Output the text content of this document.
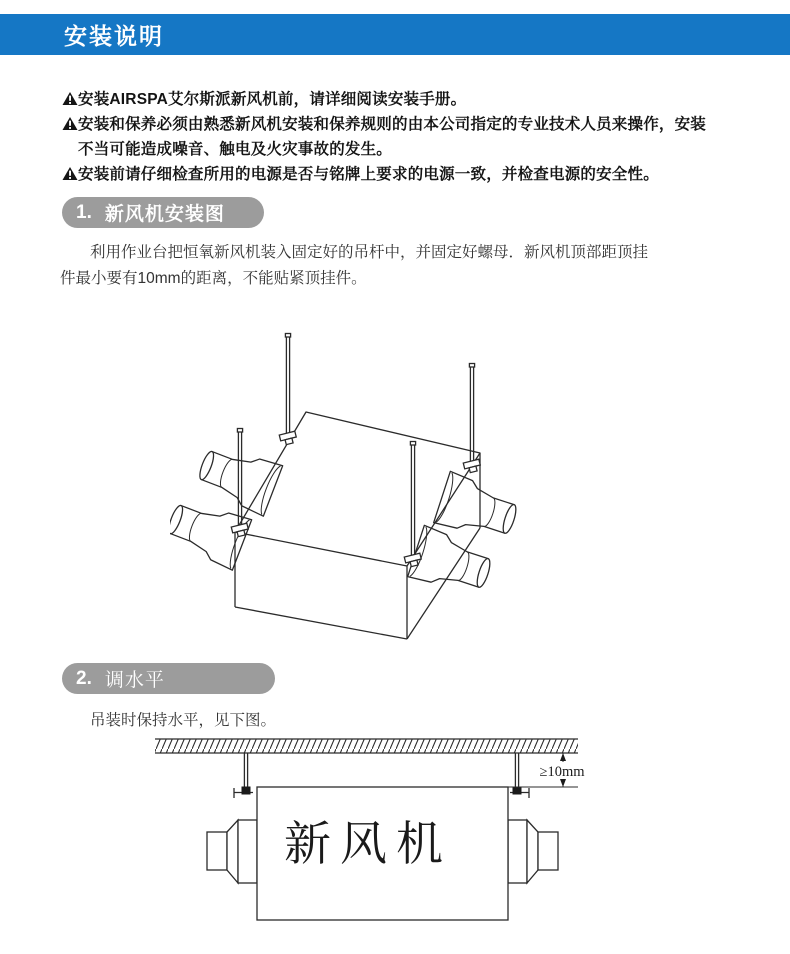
安装说明
安装AIRSPA艾尔斯派新风机前，请详细阅读安装手册。
安装和保养必须由熟悉新风机安装和保养规则的由本公司指定的专业技术人员来操作，安装
不当可能造成噪音、触电及火灾事故的发生。
安装前请仔细检查所用的电源是否与铭牌上要求的电源一致，并检查电源的安全性。
1. 新风机安装图
利用作业台把恒氧新风机装入固定好的吊杆中，并固定好螺母．新风机顶部距顶挂
件最小要有10mm的距离，不能贴紧顶挂件。
2. 调水平
吊装时保持水平，见下图。
新风机
≥10mm
